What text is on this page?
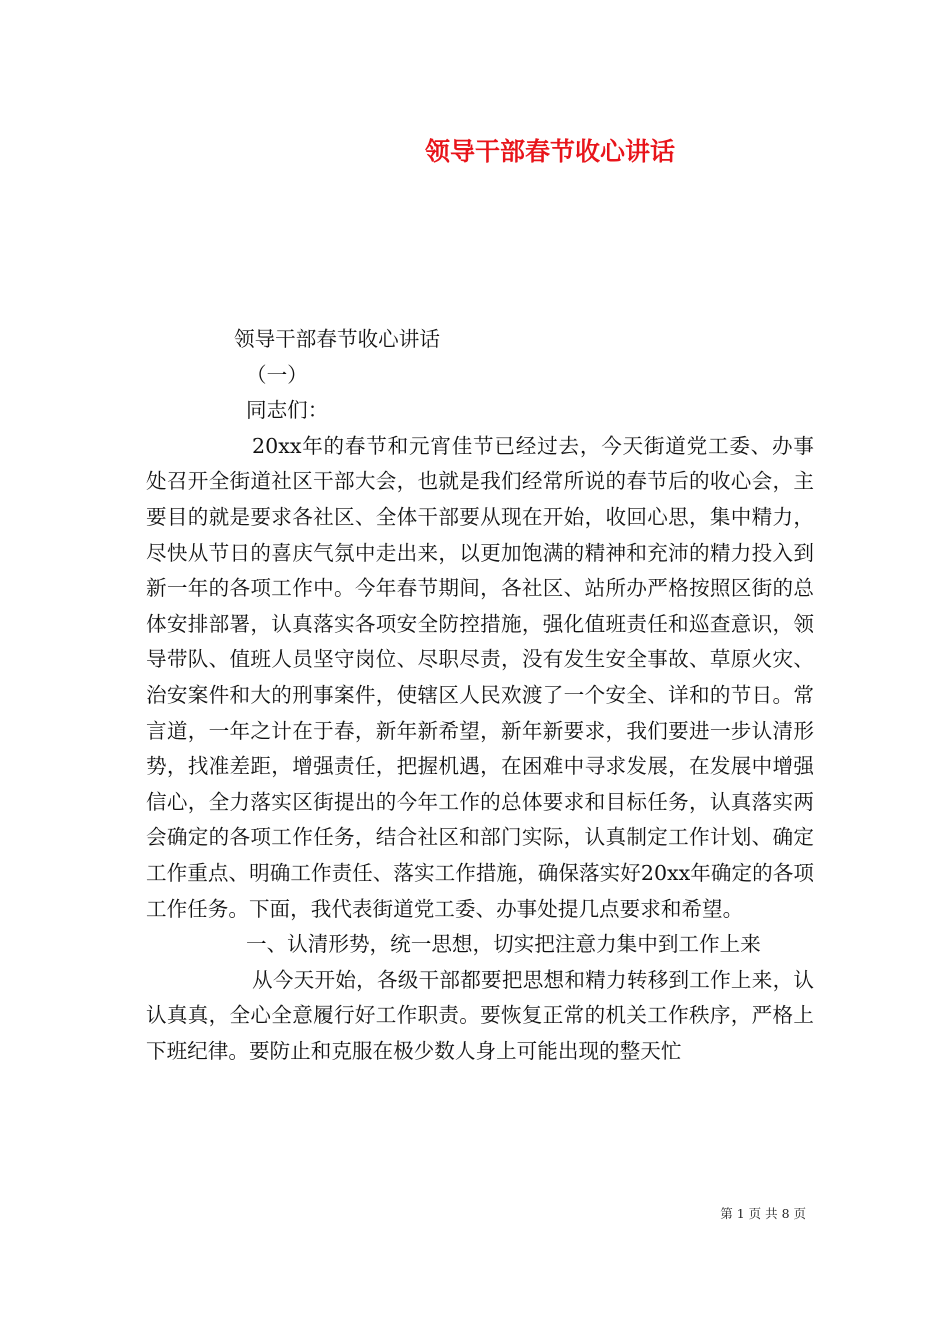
领导干部春节收心讲话

领导干部春节收心讲话

（一）

同志们：

20xx年的春节和元宵佳节已经过去，今天街道党工委、办事处召开全街道社区干部大会，也就是我们经常所说的春节后的收心会，主要目的就是要求各社区、全体干部要从现在开始，收回心思，集中精力，尽快从节日的喜庆气氛中走出来，以更加饱满的精神和充沛的精力投入到新一年的各项工作中。今年春节期间，各社区、站所办严格按照区街的总体安排部署，认真落实各项安全防控措施，强化值班责任和巡查意识，领导带队、值班人员坚守岗位、尽职尽责，没有发生安全事故、草原火灾、治安案件和大的刑事案件，使辖区人民欢渡了一个安全、详和的节日。常言道，一年之计在于春，新年新希望，新年新要求，我们要进一步认清形势，找准差距，增强责任，把握机遇，在困难中寻求发展，在发展中增强信心，全力落实区街提出的今年工作的总体要求和目标任务，认真落实两会确定的各项工作任务，结合社区和部门实际，认真制定工作计划、确定工作重点、明确工作责任、落实工作措施，确保落实好20xx年确定的各项工作任务。下面，我代表街道党工委、办事处提几点要求和希望。

一、认清形势，统一思想，切实把注意力集中到工作上来

从今天开始，各级干部都要把思想和精力转移到工作上来，认认真真，全心全意履行好工作职责。要恢复正常的机关工作秩序，严格上下班纪律。要防止和克服在极少数人身上可能出现的整天忙

第 1 页 共 8 页
